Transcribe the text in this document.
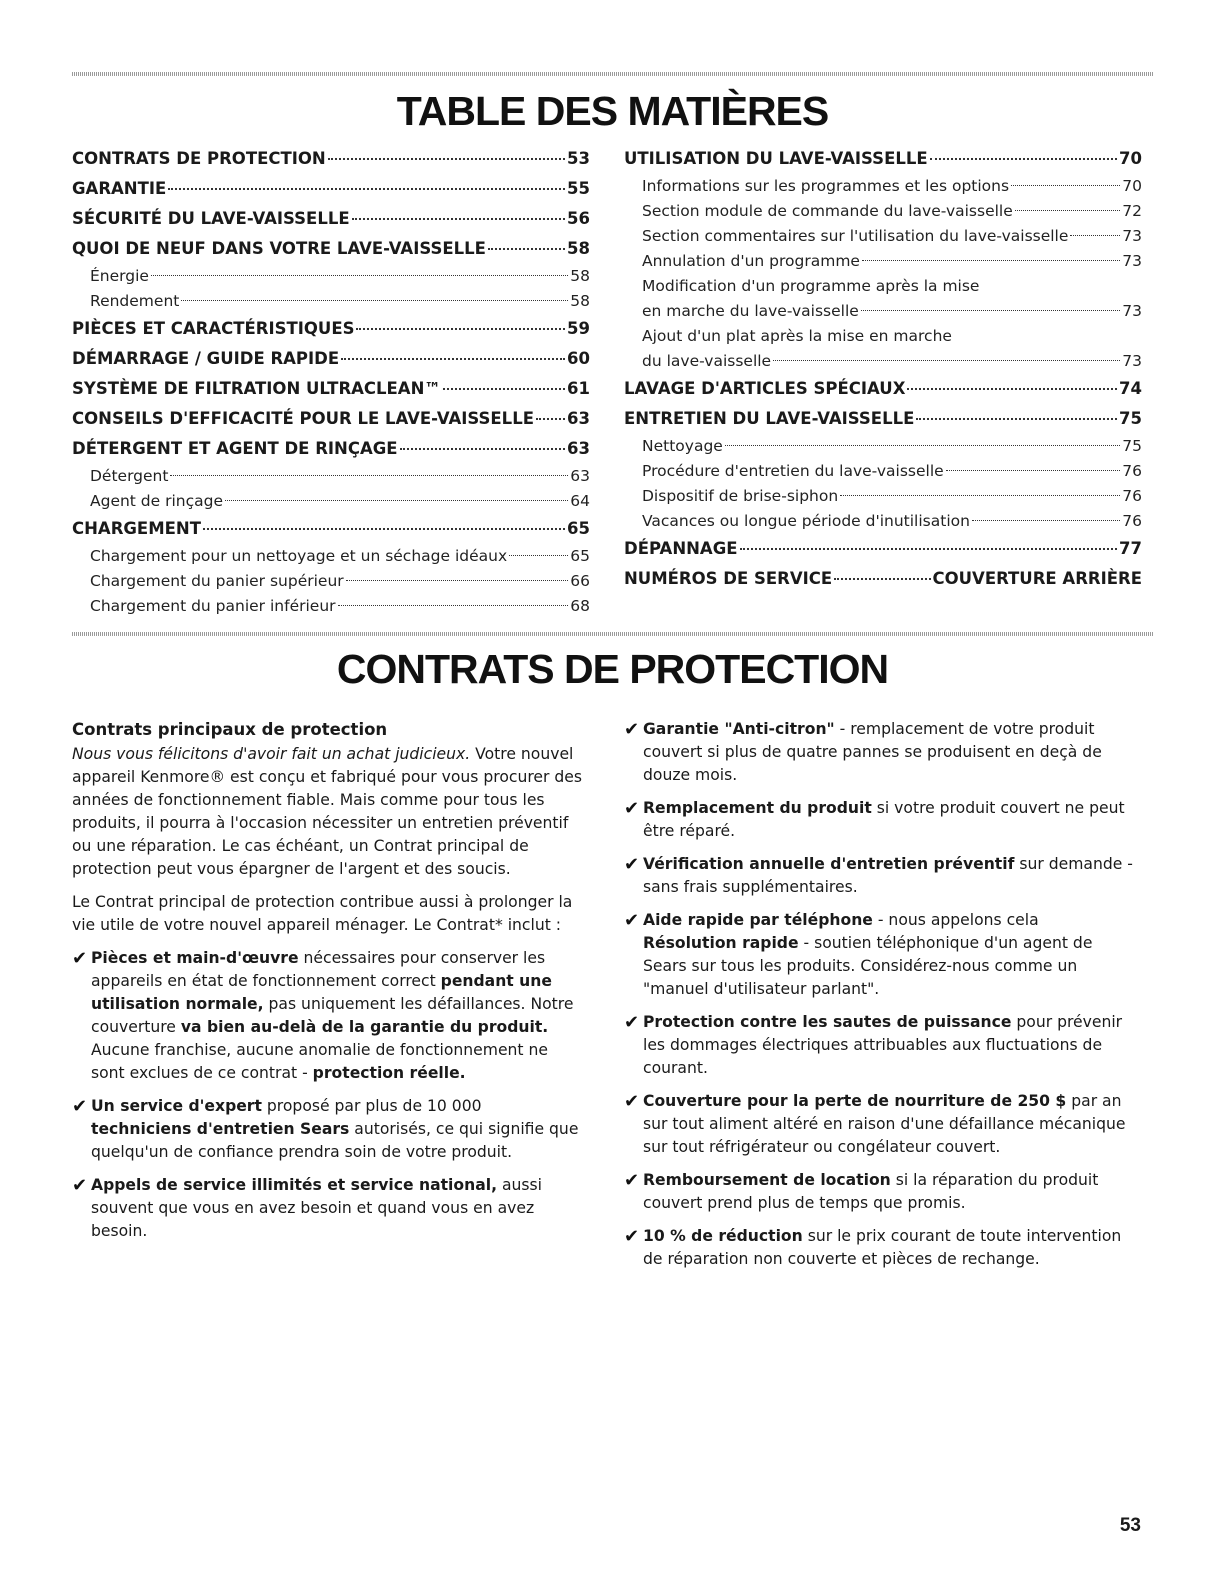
TABLE DES MATIÈRES
CONTRATS DE PROTECTION	53
GARANTIE	55
SÉCURITÉ DU LAVE-VAISSELLE	56
QUOI DE NEUF DANS VOTRE LAVE-VAISSELLE	58
Énergie	58
Rendement	58
PIÈCES ET CARACTÉRISTIQUES	59
DÉMARRAGE / GUIDE RAPIDE	60
SYSTÈME DE FILTRATION ULTRACLEAN™	61
CONSEILS D'EFFICACITÉ POUR LE LAVE-VAISSELLE 63
DÉTERGENT ET AGENT DE RINÇAGE	63
Détergent	63
Agent de rinçage	64
CHARGEMENT	65
Chargement pour un nettoyage et un séchage idéaux	65
Chargement du panier supérieur	66
Chargement du panier inférieur	68
UTILISATION DU LAVE-VAISSELLE	70
Informations sur les programmes et les options	70
Section module de commande du lave-vaisselle	72
Section commentaires sur l'utilisation du lave-vaisselle	73
Annulation d'un programme	73
Modification d'un programme après la mise
en marche du lave-vaisselle	73
Ajout d'un plat après la mise en marche
du lave-vaisselle	73
LAVAGE D'ARTICLES SPÉCIAUX	74
ENTRETIEN DU LAVE-VAISSELLE	75
Nettoyage	75
Procédure d'entretien du lave-vaisselle	76
Dispositif de brise-siphon	76
Vacances ou longue période d'inutilisation	76
DÉPANNAGE	77
NUMÉROS DE SERVICE	COUVERTURE ARRIÈRE
CONTRATS DE PROTECTION

Contrats principaux de protection

Nous vous félicitons d'avoir fait un achat judicieux. Votre nouvel appareil Kenmore® est conçu et fabriqué pour vous procurer des années de fonctionnement fiable. Mais comme pour tous les produits, il pourra à l'occasion nécessiter un entretien préventif ou une réparation. Le cas échéant, un Contrat principal de protection peut vous épargner de l'argent et des soucis.

Le Contrat principal de protection contribue aussi à prolonger la vie utile de votre nouvel appareil ménager. Le Contrat* inclut :

✔ Pièces et main-d'œuvre nécessaires pour conserver les appareils en état de fonctionnement correct pendant une utilisation normale, pas uniquement les défaillances. Notre couverture va bien au-delà de la garantie du produit. Aucune franchise, aucune anomalie de fonctionnement ne sont exclues de ce contrat - protection réelle.
✔ Un service d'expert proposé par plus de 10 000 techniciens d'entretien Sears autorisés, ce qui signifie que quelqu'un de confiance prendra soin de votre produit.
✔ Appels de service illimités et service national, aussi souvent que vous en avez besoin et quand vous en avez besoin.
✔ Garantie "Anti-citron" - remplacement de votre produit couvert si plus de quatre pannes se produisent en deçà de douze mois.
✔ Remplacement du produit si votre produit couvert ne peut être réparé.
✔ Vérification annuelle d'entretien préventif sur demande - sans frais supplémentaires.
✔ Aide rapide par téléphone - nous appelons cela Résolution rapide - soutien téléphonique d'un agent de Sears sur tous les produits. Considérez-nous comme un "manuel d'utilisateur parlant".
✔ Protection contre les sautes de puissance pour prévenir les dommages électriques attribuables aux fluctuations de courant.
✔ Couverture pour la perte de nourriture de 250 $ par an sur tout aliment altéré en raison d'une défaillance mécanique sur tout réfrigérateur ou congélateur couvert.
✔ Remboursement de location si la réparation du produit couvert prend plus de temps que promis.
✔ 10 % de réduction sur le prix courant de toute intervention de réparation non couverte et pièces de rechange.
53
